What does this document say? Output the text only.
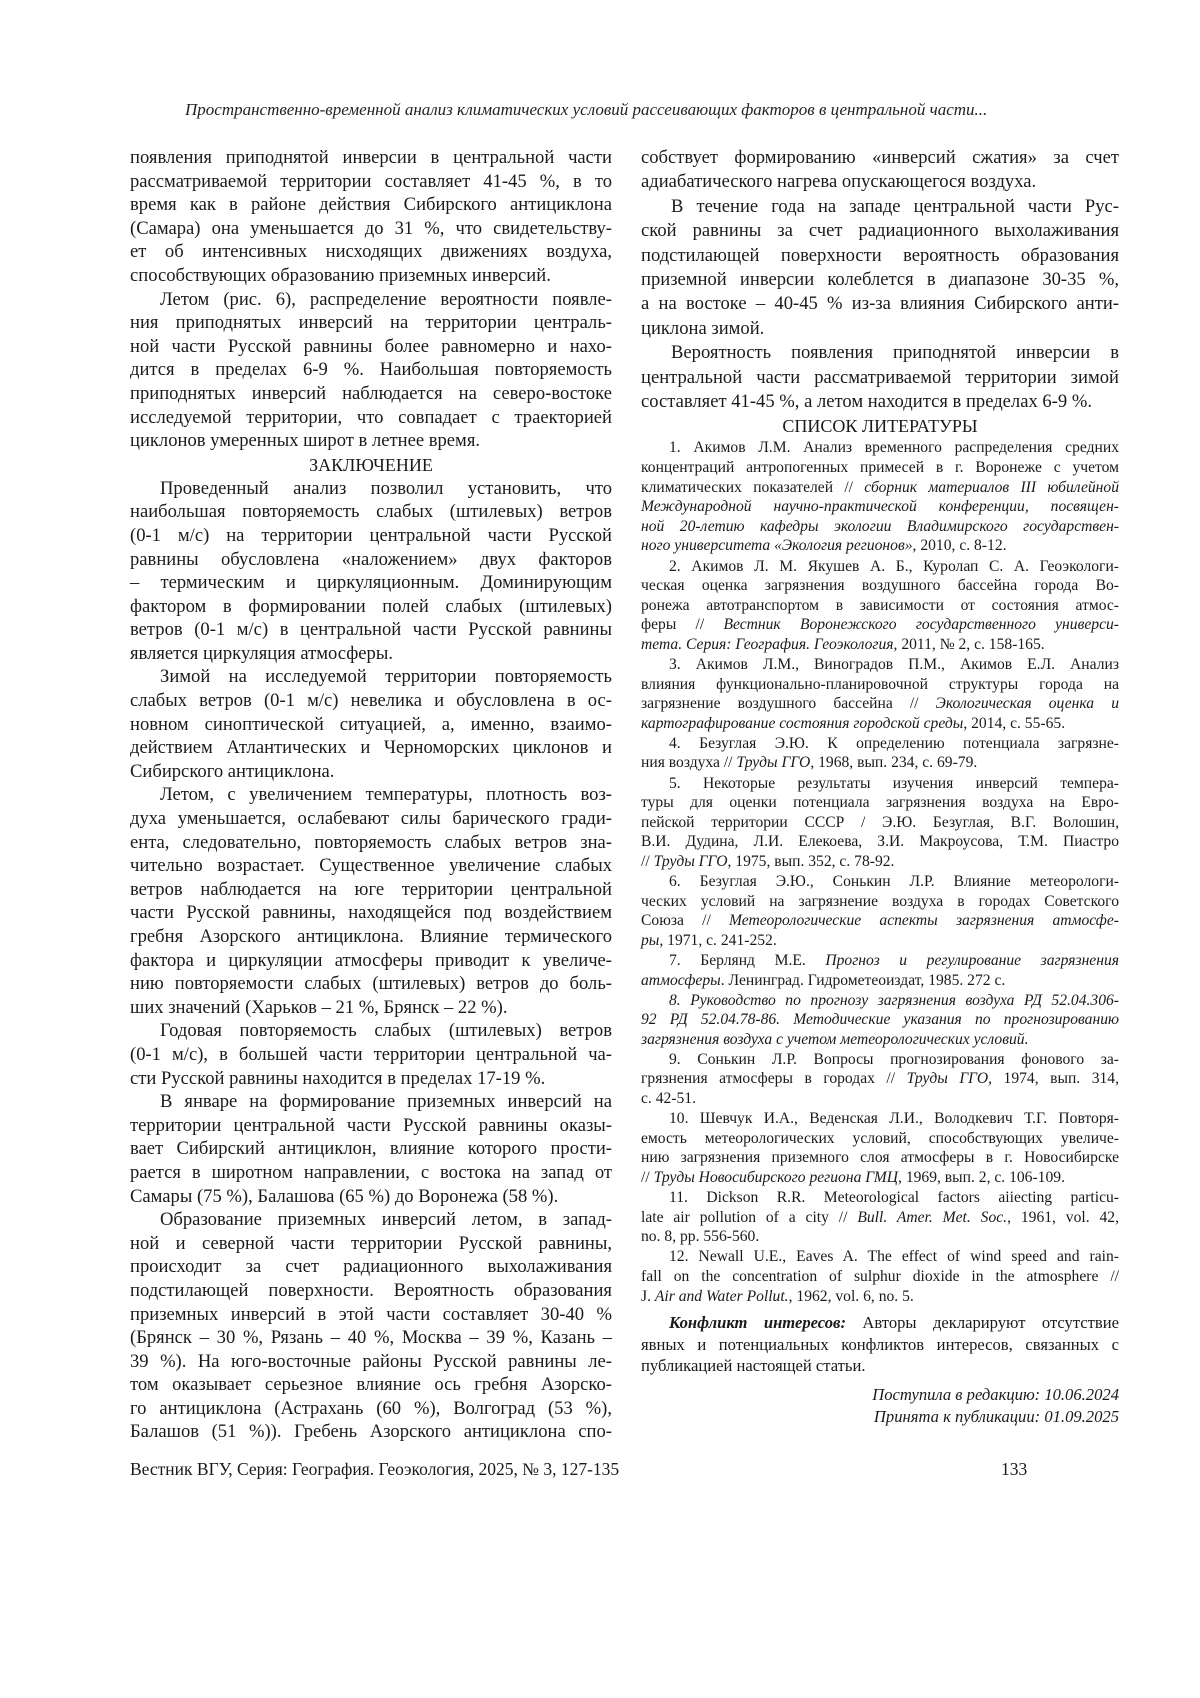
Пространственно-временной анализ климатических условий рассеивающих факторов в центральной части...
появления приподнятой инверсии в центральной части
рассматриваемой территории составляет 41-45 %, в то
время как в районе действия Сибирского антициклона
(Самара) она уменьшается до 31 %, что свидетельству-
ет об интенсивных нисходящих движениях воздуха,
способствующих образованию приземных инверсий.
Летом (рис. 6), распределение вероятности появле-
ния приподнятых инверсий на территории централь-
ной части Русской равнины более равномерно и нахо-
дится в пределах 6-9 %. Наибольшая повторяемость
приподнятых инверсий наблюдается на северо-востоке
исследуемой территории, что совпадает с траекторией
циклонов умеренных широт в летнее время.
ЗАКЛЮЧЕНИЕ
Проведенный анализ позволил установить, что
наибольшая повторяемость слабых (штилевых) ветров
(0-1 м/с) на территории центральной части Русской
равнины обусловлена «наложением» двух факторов
– термическим и циркуляционным. Доминирующим
фактором в формировании полей слабых (штилевых)
ветров (0-1 м/с) в центральной части Русской равнины
является циркуляция атмосферы.
Зимой на исследуемой территории повторяемость
слабых ветров (0-1 м/с) невелика и обусловлена в ос-
новном синоптической ситуацией, а, именно, взаимо-
действием Атлантических и Черноморских циклонов и
Сибирского антициклона.
Летом, с увеличением температуры, плотность воз-
духа уменьшается, ослабевают силы барического гради-
ента, следовательно, повторяемость слабых ветров зна-
чительно возрастает. Существенное увеличение слабых
ветров наблюдается на юге территории центральной
части Русской равнины, находящейся под воздействием
гребня Азорского антициклона. Влияние термического
фактора и циркуляции атмосферы приводит к увеличе-
нию повторяемости слабых (штилевых) ветров до боль-
ших значений (Харьков – 21 %, Брянск – 22 %).
Годовая повторяемость слабых (штилевых) ветров
(0-1 м/с), в большей части территории центральной ча-
сти Русской равнины находится в пределах 17-19 %.
В январе на формирование приземных инверсий на
территории центральной части Русской равнины оказы-
вает Сибирский антициклон, влияние которого прости-
рается в широтном направлении, с востока на запад от
Самары (75 %), Балашова (65 %) до Воронежа (58 %).
Образование приземных инверсий летом, в запад-
ной и северной части территории Русской равнины,
происходит за счет радиационного выхолаживания
подстилающей поверхности. Вероятность образования
приземных инверсий в этой части составляет 30-40 %
(Брянск – 30 %, Рязань – 40 %, Москва – 39 %, Казань –
39 %). На юго-восточные районы Русской равнины ле-
том оказывает серьезное влияние ось гребня Азорско-
го антициклона (Астрахань (60 %), Волгоград (53 %),
Балашов (51 %)). Гребень Азорского антициклона спо-
собствует формированию «инверсий сжатия» за счет
адиабатического нагрева опускающегося воздуха.
В течение года на западе центральной части Рус-
ской равнины за счет радиационного выхолаживания
подстилающей поверхности вероятность образования
приземной инверсии колеблется в диапазоне 30-35 %,
а на востоке – 40-45 % из-за влияния Сибирского анти-
циклона зимой.
Вероятность появления приподнятой инверсии в
центральной части рассматриваемой территории зимой
составляет 41-45 %, а летом находится в пределах 6-9 %.
СПИСОК ЛИТЕРАТУРЫ
1. Акимов Л.М. Анализ временного распределения средних
концентраций антропогенных примесей в г. Воронеже с учетом
климатических показателей // сборник материалов III юбилейной
Международной научно-практической конференции, посвящен-
ной 20-летию кафедры экологии Владимирского государствен-
ного университета «Экология регионов», 2010, с. 8-12.
2. Акимов Л. М. Якушев А. Б., Куролап С. А. Геоэкологи-
ческая оценка загрязнения воздушного бассейна города Во-
ронежа автотранспортом в зависимости от состояния атмос-
феры // Вестник Воронежского государственного универси-
тета. Серия: География. Геоэкология, 2011, № 2, с. 158-165.
3. Акимов Л.М., Виноградов П.М., Акимов Е.Л. Анализ
влияния функционально-планировочной структуры города на
загрязнение воздушного бассейна // Экологическая оценка и
картографирование состояния городской среды, 2014, с. 55-65.
4. Безуглая Э.Ю. К определению потенциала загрязне-
ния воздуха // Труды ГГО, 1968, вып. 234, с. 69-79.
5. Некоторые результаты изучения инверсий темпера-
туры для оценки потенциала загрязнения воздуха на Евро-
пейской территории СССР / Э.Ю. Безуглая, В.Г. Волошин,
В.И. Дудина, Л.И. Елекоева, З.И. Макроусова, Т.М. Пиастро
// Труды ГГО, 1975, вып. 352, с. 78-92.
6. Безуглая Э.Ю., Сонькин Л.Р. Влияние метеорологи-
ческих условий на загрязнение воздуха в городах Советского
Союза // Метеорологические аспекты загрязнения атмосфе-
ры, 1971, с. 241-252.
7. Берлянд М.Е. Прогноз и регулирование загрязнения
атмосферы. Ленинград. Гидрометеоиздат, 1985. 272 с.
8. Руководство по прогнозу загрязнения воздуха РД 52.04.306-
92 РД 52.04.78-86. Методические указания по прогнозированию
загрязнения воздуха с учетом метеорологических условий.
9. Сонькин Л.Р. Вопросы прогнозирования фонового за-
грязнения атмосферы в городах // Труды ГГО, 1974, вып. 314,
с. 42-51.
10. Шевчук И.А., Веденская Л.И., Володкевич Т.Г. Повторя-
емость метеорологических условий, способствующих увеличе-
нию загрязнения приземного слоя атмосферы в г. Новосибирске
// Труды Новосибирского региона ГМЦ, 1969, вып. 2, с. 106-109.
11. Dickson R.R. Meteorological factors aiiecting particu-
late air pollution of a city // Bull. Amer. Met. Soc., 1961, vol. 42,
no. 8, pp. 556-560.
12. Newall U.E., Eaves A. The effect of wind speed and rain-
fall on the concentration of sulphur dioxide in the atmosphere //
J. Air and Water Pollut., 1962, vol. 6, no. 5.
Конфликт интересов: Авторы декларируют отсутствие
явных и потенциальных конфликтов интересов, связанных с
публикацией настоящей статьи.
Поступила в редакцию: 10.06.2024
Принята к публикации: 01.09.2025
Вестник ВГУ, Серия: География. Геоэкология, 2025, № 3, 127-135	133
